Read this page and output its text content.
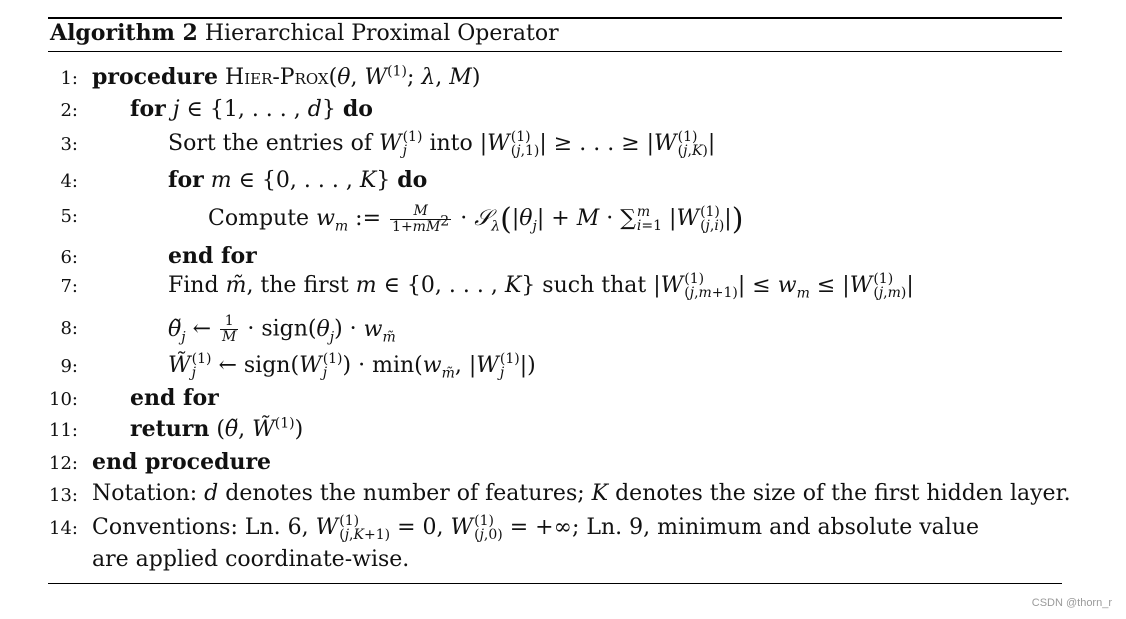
Algorithm 2 Hierarchical Proximal Operator
1: procedure Hier-Prox(θ, $W^{(1)}$; λ, M)
2: for j ∈ {1, . . . , d} do
3:	Sort the entries of W (1)
j	into |W (1)
(j,1) | ≥ . . . ≥ |W (1)
(j,K) |
4:	for m ∈ {0, . . . , K} do
5:	Compute $w_m$ := $\frac{M}{1+mM^2}$ · $𝒮_\lambda(|\theta_j| + M$ · ∑ m
i=1 |W (1)
(j,i) |)
6:	end for
7:	Find m̃, the first m ∈ {0, . . . , K} such that |W (1)
(j,m+1) | ≤ $w_m \le |W$ (1)
(j,m) |
8:	$\thetã_j$ ← $\frac{1}{M}$ · $sign(\theta_j) \cdot w_{m̃}$
9:	W̃ (1)
j ← sign(W (1)
j ) · $\min(w_{m̃}$, |W (1)
j |)
10: end for
11: return (θ̃, W̃$^{(1)}$)
12: end procedure
13: Notation: d denotes the number of features; K denotes the size of the first hidden layer.
14: Conventions: Ln. 6, W (1)
(j,K+1) = 0, W (1)
(j,0) = +∞; Ln. 9, minimum and absolute value
are applied coordinate-wise.
CSDN @thorn_r
